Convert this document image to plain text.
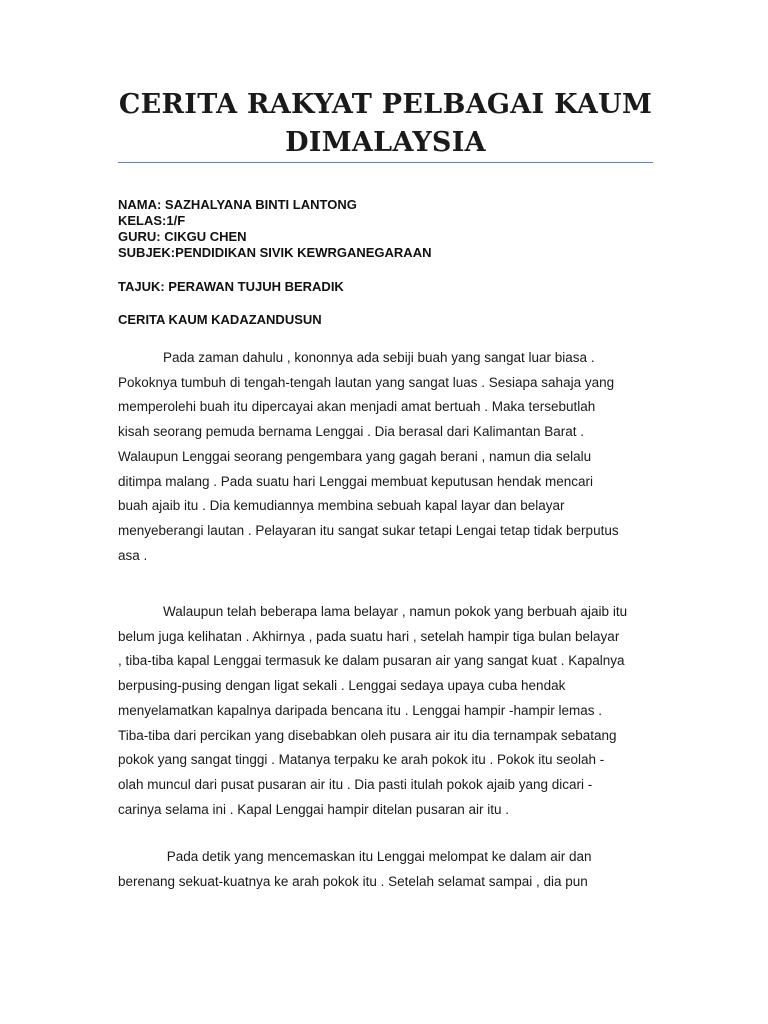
CERITA RAKYAT PELBAGAI KAUM
DIMALAYSIA
NAMA: SAZHALYANA BINTI LANTONG
KELAS:1/F
GURU: CIKGU CHEN
SUBJEK:PENDIDIKAN SIVIK KEWRGANEGARAAN
TAJUK: PERAWAN TUJUH BERADIK
CERITA KAUM KADAZANDUSUN
Pada zaman dahulu , kononnya ada sebiji buah yang sangat luar biasa .
Pokoknya tumbuh di tengah-tengah lautan yang sangat luas . Sesiapa sahaja yang
memperolehi buah itu dipercayai akan menjadi amat bertuah . Maka tersebutlah
kisah seorang pemuda bernama Lenggai . Dia berasal dari Kalimantan Barat .
Walaupun Lenggai seorang pengembara yang gagah berani , namun dia selalu
ditimpa malang . Pada suatu hari Lenggai membuat keputusan hendak mencari
buah ajaib itu . Dia kemudiannya membina sebuah kapal layar dan belayar
menyeberangi lautan . Pelayaran itu sangat sukar tetapi Lengai tetap tidak berputus
asa .
Walaupun telah beberapa lama belayar , namun pokok yang berbuah ajaib itu
belum juga kelihatan . Akhirnya , pada suatu hari , setelah hampir tiga bulan belayar
, tiba-tiba kapal Lenggai termasuk ke dalam pusaran air yang sangat kuat . Kapalnya
berpusing-pusing dengan ligat sekali . Lenggai sedaya upaya cuba hendak
menyelamatkan kapalnya daripada bencana itu . Lenggai hampir -hampir lemas .
Tiba-tiba dari percikan yang disebabkan oleh pusara air itu dia ternampak sebatang
pokok yang sangat tinggi . Matanya terpaku ke arah pokok itu . Pokok itu seolah -
olah muncul dari pusat pusaran air itu . Dia pasti itulah pokok ajaib yang dicari -
carinya selama ini . Kapal Lenggai hampir ditelan pusaran air itu .
Pada detik yang mencemaskan itu Lenggai melompat ke dalam air dan
berenang sekuat-kuatnya ke arah pokok itu . Setelah selamat sampai , dia pun
